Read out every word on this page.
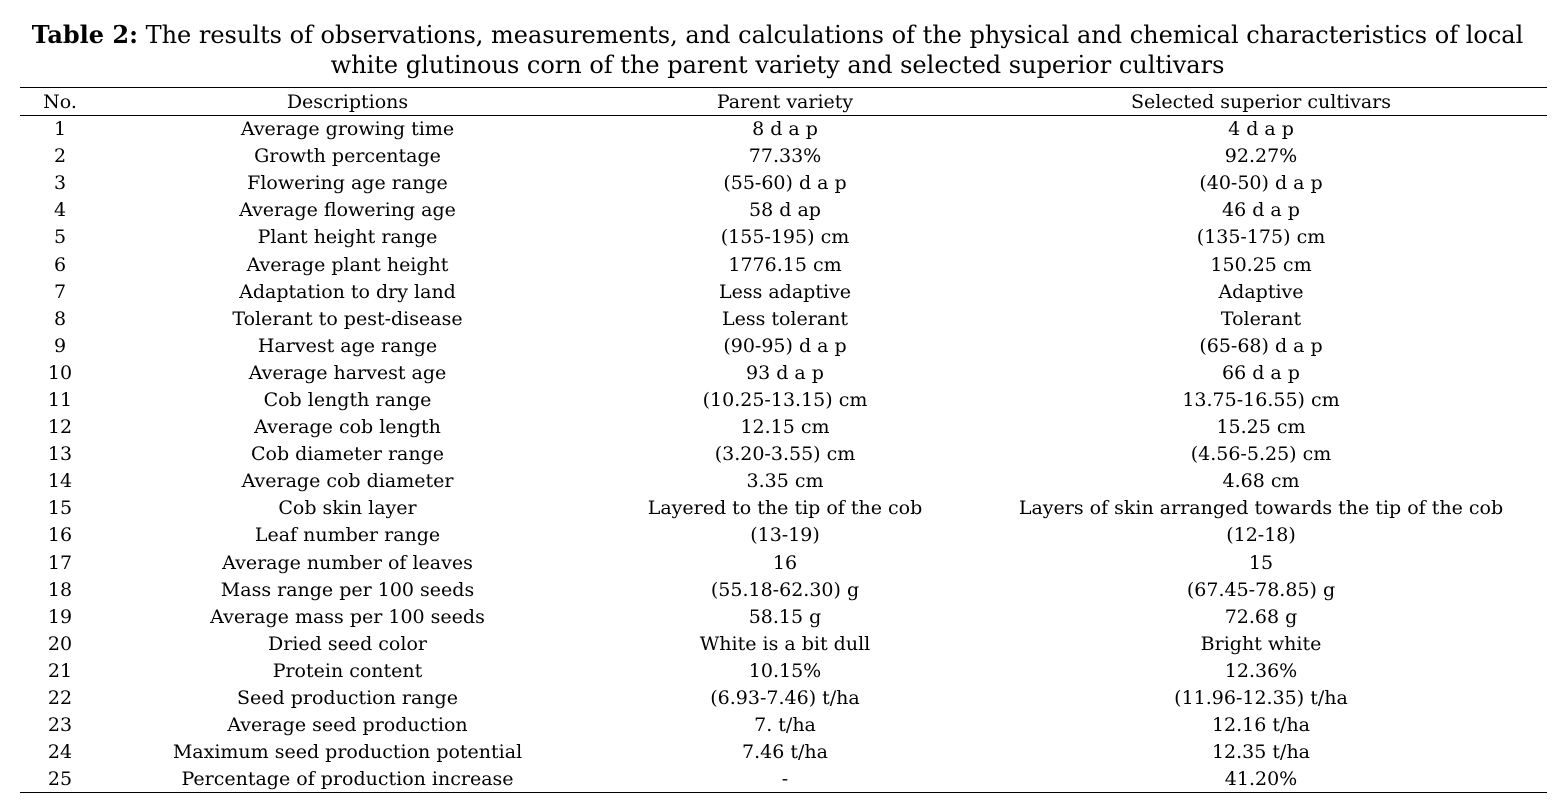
Table 2: The results of observations, measurements, and calculations of the physical and chemical characteristics of local
white glutinous corn of the parent variety and selected superior cultivars
No.	Descriptions	Parent variety	Selected superior cultivars
1	Average growing time	8 d a p	4 d a p
2	Growth percentage	77.33%	92.27%
3	Flowering age range	(55-60) d a p	(40-50) d a p
4	Average flowering age	58 d ap	46 d a p
5	Plant height range	(155-195) cm	(135-175) cm
6	Average plant height	1776.15 cm	150.25 cm
7	Adaptation to dry land	Less adaptive	Adaptive
8	Tolerant to pest-disease	Less tolerant	Tolerant
9	Harvest age range	(90-95) d a p	(65-68) d a p
10	Average harvest age	93 d a p	66 d a p
11	Cob length range	(10.25-13.15) cm	13.75-16.55) cm
12	Average cob length	12.15 cm	15.25 cm
13	Cob diameter range	(3.20-3.55) cm	(4.56-5.25) cm
14	Average cob diameter	3.35 cm	4.68 cm
15	Cob skin layer	Layered to the tip of the cob	Layers of skin arranged towards the tip of the cob
16	Leaf number range	(13-19)	(12-18)
17	Average number of leaves	16	15
18	Mass range per 100 seeds	(55.18-62.30) g	(67.45-78.85) g
19	Average mass per 100 seeds	58.15 g	72.68 g
20	Dried seed color	White is a bit dull	Bright white
21	Protein content	10.15%	12.36%
22	Seed production range	(6.93-7.46) t/ha	(11.96-12.35) t/ha
23	Average seed production	7. t/ha	12.16 t/ha
24	Maximum seed production potential	7.46 t/ha	12.35 t/ha
25	Percentage of production increase	-	41.20%
